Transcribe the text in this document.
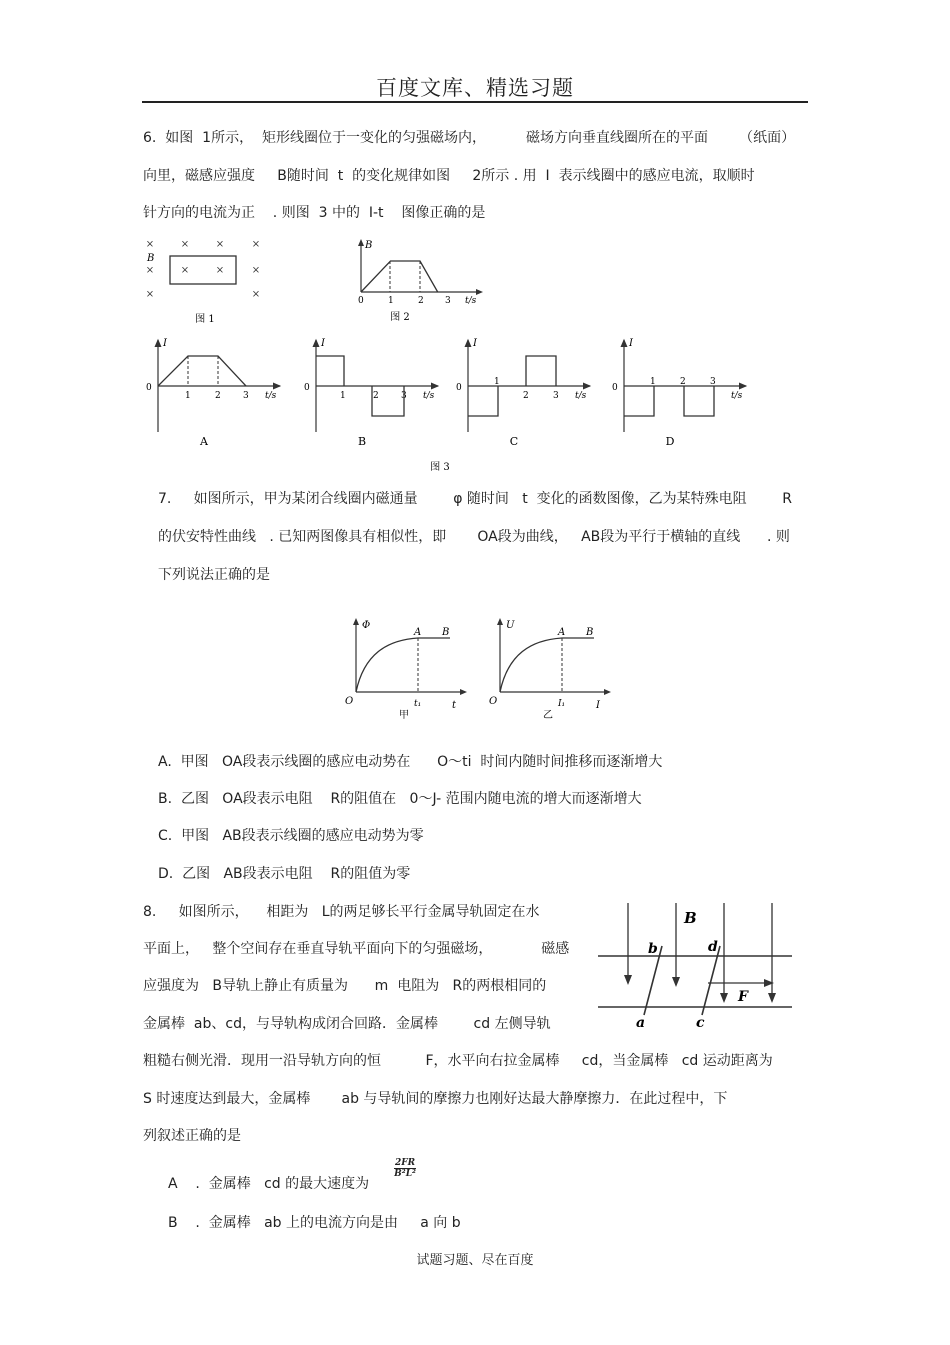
百度文库、精选习题
6.  如图  1所示，  矩形线圈位于一变化的匀强磁场内，         磁场方向垂直线圈所在的平面       （纸面）
向里，磁感应强度     B随时间  t  的变化规律如图     2所示 . 用  I  表示线圈中的感应电流，取顺时
针方向的电流为正    . 则图  3 中的  I-t    图像正确的是
×	×	×	×
×	×	×	×
×	×
B
图 1
B
t/s
0	1	2 3
图 2
I
0
t/s
1	2 3
A
I
0
t/s
1	2 3
B
I
0
t/s
1
2	3
C
I
0
t/s
1	2	3
D
图 3
7.     如图所示，甲为某闭合线圈内磁通量        φ 随时间   t  变化的函数图像，乙为某特殊电阻        R
的伏安特性曲线   . 已知两图像具有相似性，即       OA段为曲线，   AB段为平行于横轴的直线      . 则
下列说法正确的是
Φ
O	t
A B
t₁
甲
U
O	I
A B
I₁
乙
A.  甲图   OA段表示线圈的感应电动势在      O～ti  时间内随时间推移而逐渐增大
B.  乙图   OA段表示电阻    R的阻值在   0～J- 范围内随电流的增大而逐渐增大
C.  甲图   AB段表示线圈的感应电动势为零
D.  乙图   AB段表示电阻    R的阻值为零
8.     如图所示，    相距为   L的两足够长平行金属导轨固定在水
平面上，   整个空间存在垂直导轨平面向下的匀强磁场，           磁感
应强度为   B导轨上静止有质量为      m  电阻为   R的两根相同的
金属棒  ab、cd，与导轨构成闭合回路．金属棒        cd 左侧导轨
粗糙右侧光滑．现用一沿导轨方向的恒          F，水平向右拉金属棒     cd，当金属棒   cd 运动距离为
S 时速度达到最大，金属棒       ab 与导轨间的摩擦力也刚好达最大静摩擦力．在此过程中，下
列叙述正确的是
B
F
b	d
a	c
A    .  金属棒   cd 的最大速度为
$\frac{2FR}{\text{B²L²}}$
B    .  金属棒   ab 上的电流方向是由     a 向 b
试题习题、尽在百度
